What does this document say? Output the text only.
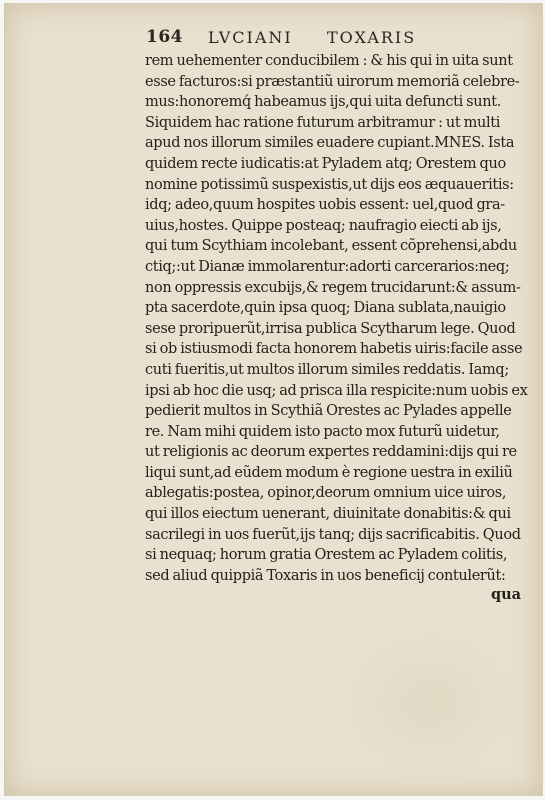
164 LVCIANI TOXARIS
rem uehementer conducibilem : & his qui in uita sunt
esse facturos:si præstantiũ uirorum memoriã celebre-
mus:honoremq́ habeamus ijs,qui uita defuncti sunt.
Siquidem hac ratione futurum arbitramur : ut multi
apud nos illorum similes euadere cupiant.MNES. Ista
quidem recte iudicatis:at Pyladem atq; Orestem quo
nomine potissimũ suspexistis,ut dijs eos æquaueritis:
idq; adeo,quum hospites uobis essent: uel,quod gra-
uius,hostes. Quippe posteaq; naufragio eiecti ab ijs,
qui tum Scythiam incolebant, essent cõprehensi,abdu
ctiq;:ut Dianæ immolarentur:adorti carcerarios:neq;
non oppressis excubijs,& regem trucidarunt:& assum-
pta sacerdote,quin ipsa quoq; Diana sublata,nauigio
sese proripuerũt,irrisa publica Scytharum lege. Quod
si ob istiusmodi facta honorem habetis uiris:facile asse
cuti fueritis,ut multos illorum similes reddatis. Iamq;
ipsi ab hoc die usq; ad prisca illa respicite:num uobis ex
pedierit multos in Scythiã Orestes ac Pylades appelle
re. Nam mihi quidem isto pacto mox futurũ uidetur,
ut religionis ac deorum expertes reddamini:dijs qui re
liqui sunt,ad eũdem modum è regione uestra in exiliũ
ablegatis:postea, opinor,deorum omnium uice uiros,
qui illos eiectum uenerant, diuinitate donabitis:& qui
sacrilegi in uos fuerũt,ijs tanq; dijs sacrificabitis. Quod
si nequaq; horum gratia Orestem ac Pyladem colitis,
sed aliud quippiã Toxaris in uos beneficij contulerũt:
qua
